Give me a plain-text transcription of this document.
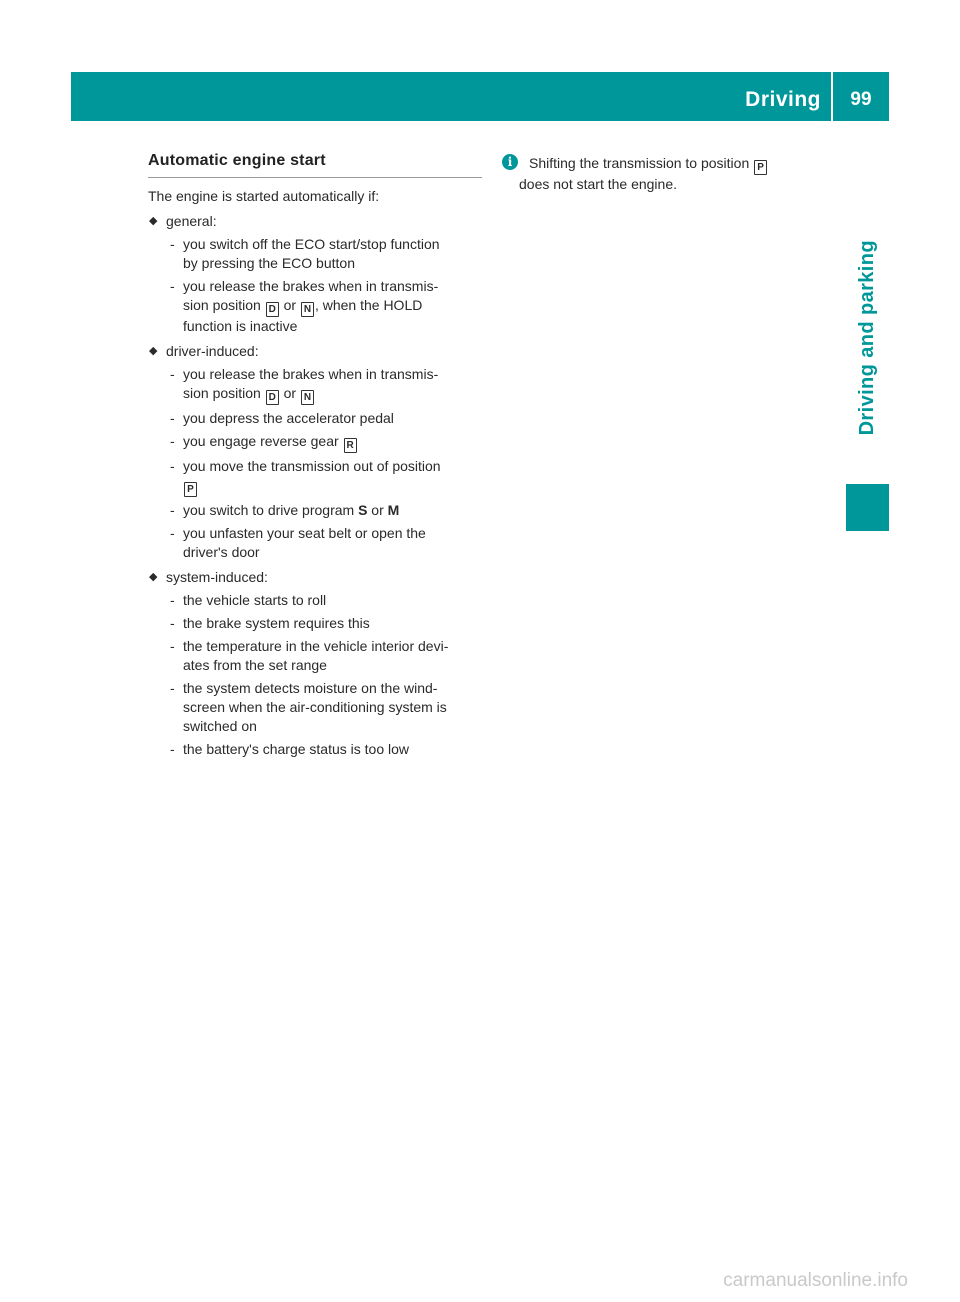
Driving	99
Driving and parking
Automatic engine start
The engine is started automatically if:
◆ general:
- you switch off the ECO start/stop function
by pressing the ECO button
- you release the brakes when in transmis-
sion position D or N , when the HOLD
function is inactive
◆ driver-induced:
- you release the brakes when in transmis-
sion position D or N
- you depress the accelerator pedal
- you engage reverse gear R
- you move the transmission out of position
P
- you switch to drive program S or M
- you unfasten your seat belt or open the
driver's door
◆ system-induced:
- the vehicle starts to roll
- the brake system requires this
- the temperature in the vehicle interior devi-
ates from the set range
- the system detects moisture on the wind-
screen when the air-conditioning system is
switched on
- the battery's charge status is too low
i	Shifting the transmission to position P
does not start the engine.
carmanualsonline.info
